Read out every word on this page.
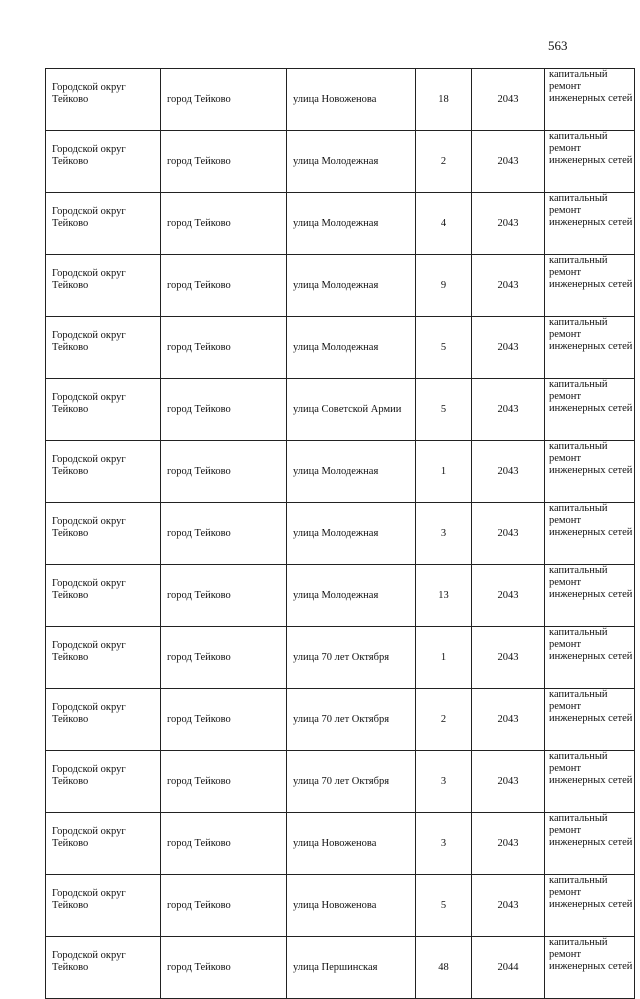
563
Городской округ Тейково	город Тейково	улица Новоженова	18	2043	капитальный ремонт инженерных сетей
Городской округ Тейково	город Тейково	улица Молодежная	2	2043	капитальный ремонт инженерных сетей
Городской округ Тейково	город Тейково	улица Молодежная	4	2043	капитальный ремонт инженерных сетей
Городской округ Тейково	город Тейково	улица Молодежная	9	2043	капитальный ремонт инженерных сетей
Городской округ Тейково	город Тейково	улица Молодежная	5	2043	капитальный ремонт инженерных сетей
Городской округ Тейково	город Тейково	улица Советской Армии	5	2043	капитальный ремонт инженерных сетей
Городской округ Тейково	город Тейково	улица Молодежная	1	2043	капитальный ремонт инженерных сетей
Городской округ Тейково	город Тейково	улица Молодежная	3	2043	капитальный ремонт инженерных сетей
Городской округ Тейково	город Тейково	улица Молодежная	13	2043	капитальный ремонт инженерных сетей
Городской округ Тейково	город Тейково	улица 70 лет Октября	1	2043	капитальный ремонт инженерных сетей
Городской округ Тейково	город Тейково	улица 70 лет Октября	2	2043	капитальный ремонт инженерных сетей
Городской округ Тейково	город Тейково	улица 70 лет Октября	3	2043	капитальный ремонт инженерных сетей
Городской округ Тейково	город Тейково	улица Новоженова	3	2043	капитальный ремонт инженерных сетей
Городской округ Тейково	город Тейково	улица Новоженова	5	2043	капитальный ремонт инженерных сетей
Городской округ Тейково	город Тейково	улица Першинская	48	2044	капитальный ремонт инженерных сетей
